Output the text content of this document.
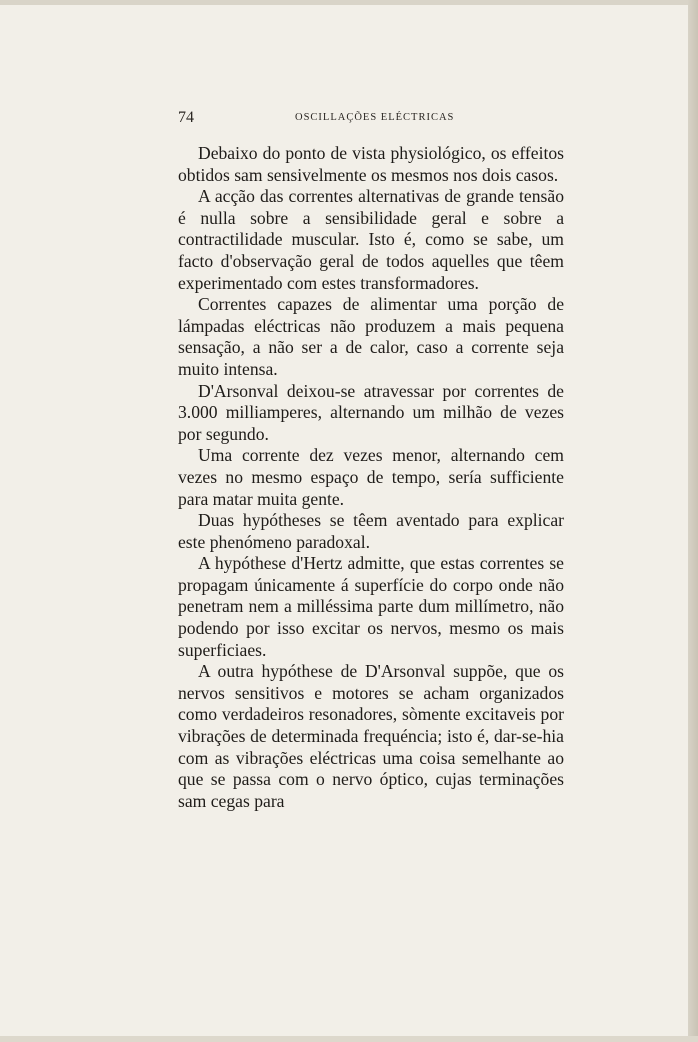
74	OSCILLAÇÕES ELÉCTRICAS

Debaixo do ponto de vista physiológico, os effeitos obtidos sam sensivelmente os mesmos nos dois casos.

A acção das correntes alternativas de grande tensão é nulla sobre a sensibilidade geral e sobre a contractilidade muscular. Isto é, como se sabe, um facto d'observação geral de todos aquelles que têem experimentado com estes transformadores.

Correntes capazes de alimentar uma porção de lámpadas eléctricas não produzem a mais pequena sensação, a não ser a de calor, caso a corrente seja muito intensa.

D'Arsonval deixou-se atravessar por correntes de 3.000 milliamperes, alternando um milhão de vezes por segundo.

Uma corrente dez vezes menor, alternando cem vezes no mesmo espaço de tempo, sería sufficiente para matar muita gente.

Duas hypótheses se têem aventado para explicar este phenómeno paradoxal.

A hypóthese d'Hertz admitte, que estas correntes se propagam únicamente á superfície do corpo onde não penetram nem a milléssima parte dum millímetro, não podendo por isso excitar os nervos, mesmo os mais superficiaes.

A outra hypóthese de D'Arsonval suppõe, que os nervos sensitivos e motores se acham organizados como verdadeiros resonadores, sòmente excitaveis por vibrações de determinada frequéncia; isto é, dar-se-hia com as vibrações eléctricas uma coisa semelhante ao que se passa com o nervo óptico, cujas terminações sam cegas para
